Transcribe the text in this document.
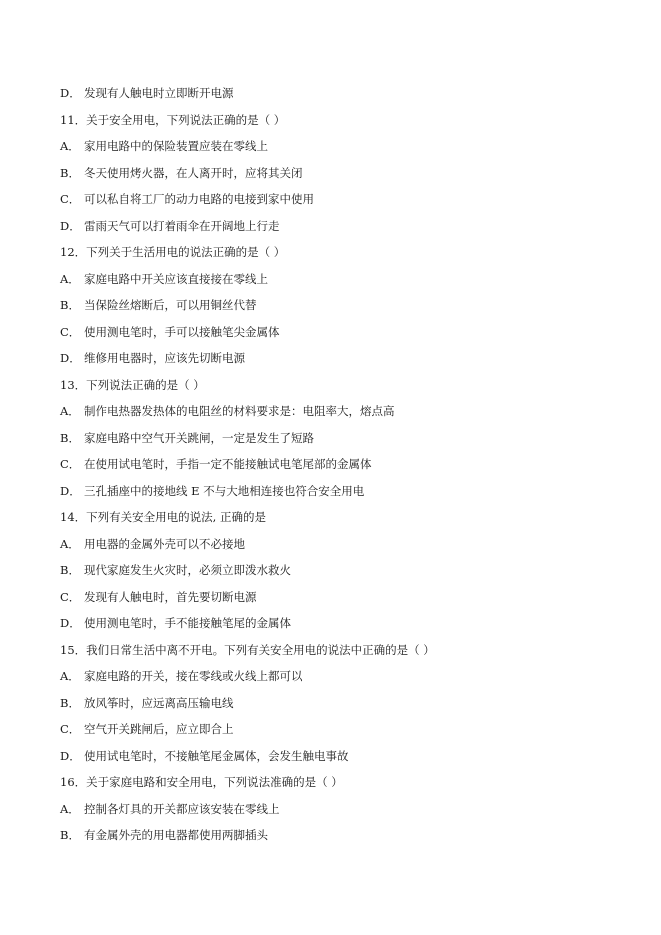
D． 发现有人触电时立即断开电源
11．关于安全用电，下列说法正确的是（ ）
A． 家用电路中的保险装置应装在零线上
B． 冬天使用烤火器，在人离开时，应将其关闭
C． 可以私自将工厂的动力电路的电接到家中使用
D． 雷雨天气可以打着雨伞在开阔地上行走
12．下列关于生活用电的说法正确的是（ ）
A． 家庭电路中开关应该直接接在零线上
B． 当保险丝熔断后，可以用铜丝代替
C． 使用测电笔时，手可以接触笔尖金属体
D． 维修用电器时，应该先切断电源
13．下列说法正确的是（ ）
A． 制作电热器发热体的电阻丝的材料要求是：电阻率大，熔点高
B． 家庭电路中空气开关跳闸，一定是发生了短路
C． 在使用试电笔时，手指一定不能接触试电笔尾部的金属体
D． 三孔插座中的接地线 E 不与大地相连接也符合安全用电
14．下列有关安全用电的说法, 正确的是
A． 用电器的金属外壳可以不必接地
B． 现代家庭发生火灾时，必须立即泼水救火
C． 发现有人触电时，首先要切断电源
D． 使用测电笔时，手不能接触笔尾的金属体
15．我们日常生活中离不开电。下列有关安全用电的说法中正确的是（ ）
A． 家庭电路的开关，接在零线或火线上都可以
B． 放风筝时，应远离高压输电线
C． 空气开关跳闸后，应立即合上
D． 使用试电笔时，不接触笔尾金属体，会发生触电事故
16．关于家庭电路和安全用电，下列说法准确的是（ ）
A． 控制各灯具的开关都应该安装在零线上
B． 有金属外壳的用电器都使用两脚插头
